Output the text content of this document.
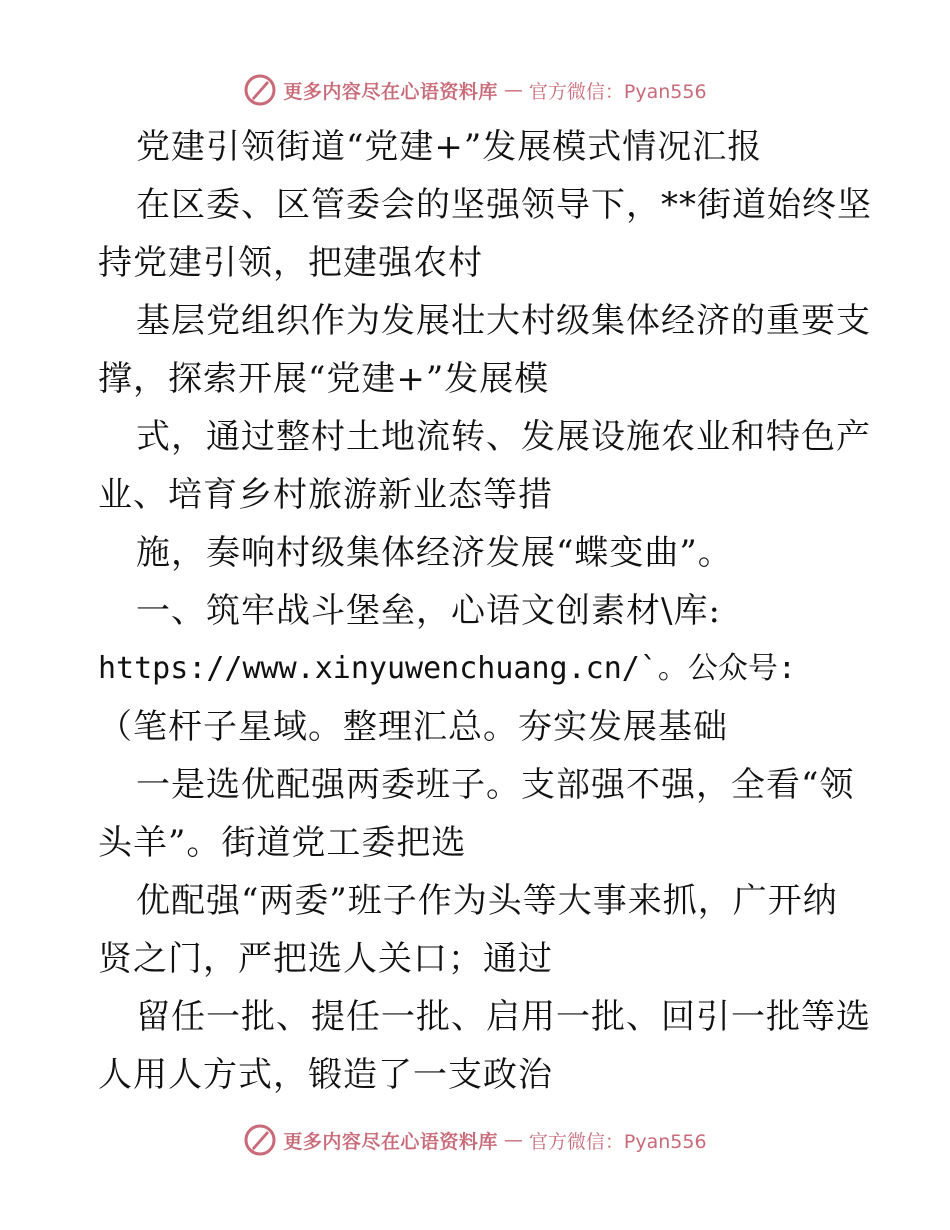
更多内容尽在心语资料库 — 官方微信：Pyan556
党建引领街道“党建+”发展模式情况汇报
在区委、区管委会的坚强领导下，**街道始终坚
持党建引领，把建强农村
基层党组织作为发展壮大村级集体经济的重要支
撑，探索开展“党建+”发展模
式，通过整村土地流转、发展设施农业和特色产
业、培育乡村旅游新业态等措
施，奏响村级集体经济发展“蝶变曲”。
一、筑牢战斗堡垒，心语文创素材\库:
https://www.xinyuwenchuang.cn/`。公众号:
（笔杆子星域。整理汇总。夯实发展基础
一是选优配强两委班子。支部强不强，全看“领
头羊”。街道党工委把选
优配强“两委”班子作为头等大事来抓，广开纳
贤之门，严把选人关口；通过
留任一批、提任一批、启用一批、回引一批等选
人用人方式，锻造了一支政治
更多内容尽在心语资料库 — 官方微信：Pyan556
